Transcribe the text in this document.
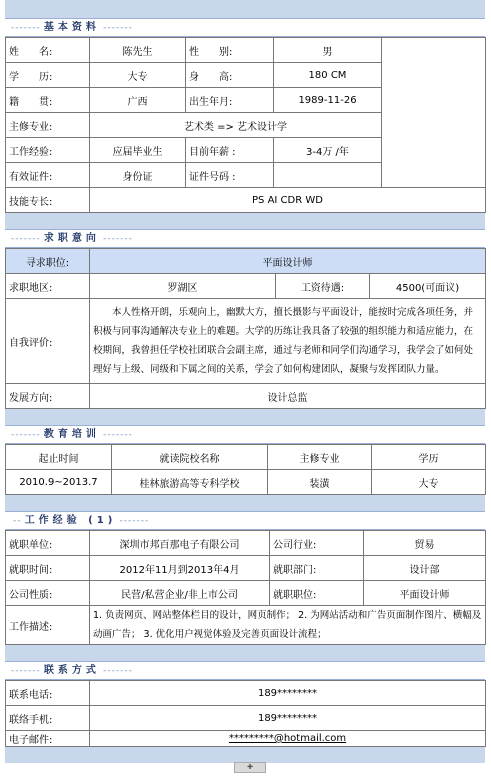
------- 基本资料 -------
姓　　名:	陈先生	性　　别:	男	
学　　历:	大专	身　　高:	180 CM	
籍　　贯:	广西	出生年月:	1989-11-26	
主修专业:	艺术类 => 艺术设计学			
工作经验:	应届毕业生	目前年薪 :	3-4万 /年	
有效证件:	身份证	证件号码 :		
技能专长:	PS AI CDR WD			
------- 求职意向 -------
寻求职位:	平面设计师		
求职地区:	罗湖区	工资待遇:	4500(可面议)
自我评价:	　　本人性格开朗，乐观向上，幽默大方，擅长摄影与平面设计，能按时完成各项任务，并积极与同事沟通解决专业上的难题。大学的历练让我具备了较强的组织能力和适应能力，在校期间，我曾担任学校社团联合会副主席，通过与老师和同学们沟通学习，我学会了如何处理好与上级、同级和下属之间的关系，学会了如何构建团队，凝聚与发挥团队力量。		
发展方向:	设计总监		
------- 教育培训 -------
起止时间	就读院校名称	主修专业	学历
2010.9~2013.7	桂林旅游高等专科学校	装潢	大专
-- 工作经验 (1) -------
就职单位:	深圳市邦百那电子有限公司	公司行业:	贸易
就职时间:	2012年11月到2013年4月	就职部门:	设计部
公司性质:	民营/私营企业/非上市公司	就职职位:	平面设计师
工作描述:	1. 负责网页、网站整体栏目的设计，网页制作； 2. 为网站活动和广告页面制作图片、横幅及动画广告； 3. 优化用户视觉体验及完善页面设计流程；		
------- 联系方式 -------
联系电话:	189********
联络手机:	189********
电子邮件:	*********@hotmail.com
✚
